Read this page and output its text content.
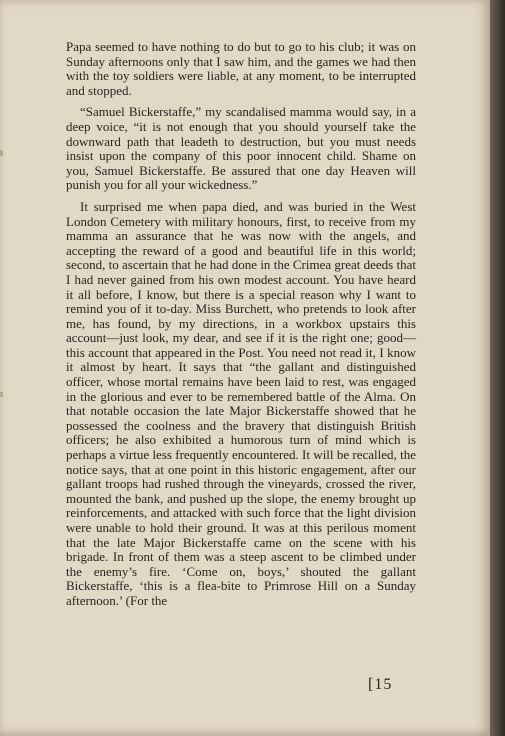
Papa seemed to have nothing to do but to go to his club; it was on Sunday afternoons only that I saw him, and the games we had then with the toy soldiers were liable, at any moment, to be interrupted and stopped.

“Samuel Bickerstaffe,” my scandalised mamma would say, in a deep voice, “it is not enough that you should yourself take the downward path that leadeth to destruction, but you must needs insist upon the company of this poor innocent child. Shame on you, Samuel Bickerstaffe. Be assured that one day Heaven will punish you for all your wickedness.”

It surprised me when papa died, and was buried in the West London Cemetery with military honours, first, to receive from my mamma an assurance that he was now with the angels, and accepting the reward of a good and beautiful life in this world; second, to ascertain that he had done in the Crimea great deeds that I had never gained from his own modest account. You have heard it all before, I know, but there is a special reason why I want to remind you of it to-day. Miss Burchett, who pretends to look after me, has found, by my directions, in a workbox upstairs this account—just look, my dear, and see if it is the right one; good—this account that appeared in the Post. You need not read it, I know it almost by heart. It says that “the gallant and distinguished officer, whose mortal remains have been laid to rest, was engaged in the glorious and ever to be remembered battle of the Alma. On that notable occasion the late Major Bickerstaffe showed that he possessed the coolness and the bravery that distinguish British officers; he also exhibited a humorous turn of mind which is perhaps a virtue less frequently encountered. It will be recalled, the notice says, that at one point in this historic engagement, after our gallant troops had rushed through the vineyards, crossed the river, mounted the bank, and pushed up the slope, the enemy brought up reinforcements, and attacked with such force that the light division were unable to hold their ground. It was at this perilous moment that the late Major Bickerstaffe came on the scene with his brigade. In front of them was a steep ascent to be climbed under the enemy’s fire. ‘Come on, boys,’ shouted the gallant Bickerstaffe, ‘this is a flea-bite to Primrose Hill on a Sunday afternoon.’ (For the

[15
